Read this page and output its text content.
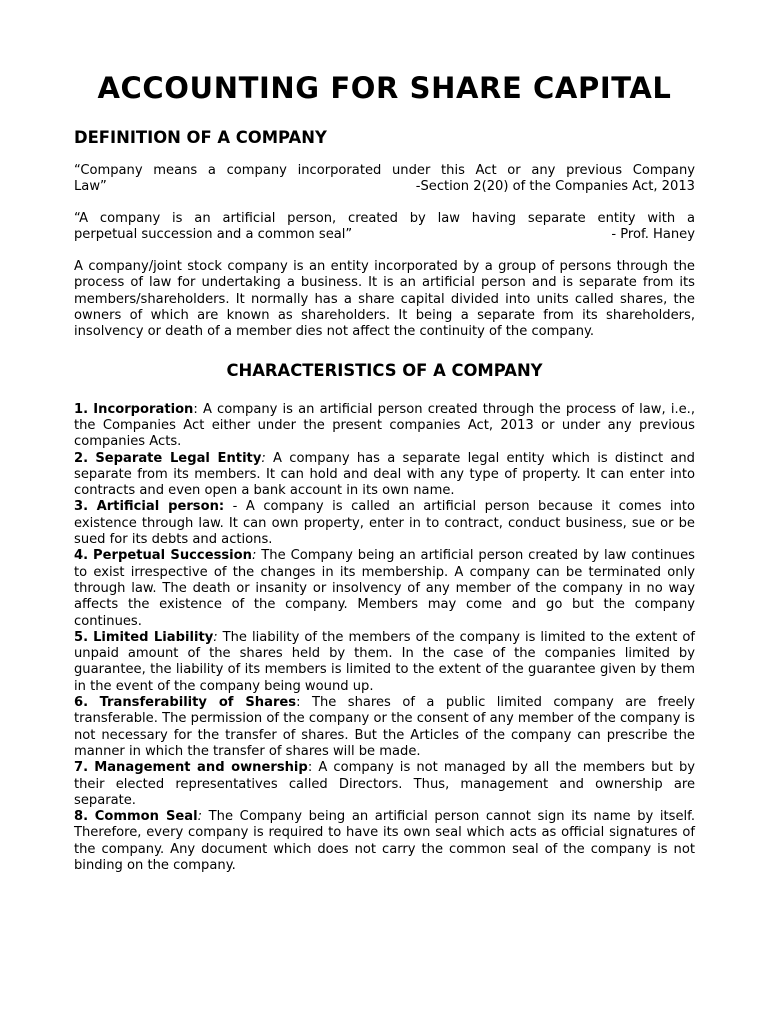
ACCOUNTING FOR SHARE CAPITAL
DEFINITION OF A COMPANY
“Company means a company incorporated under this Act or any previous Company
Law”	-Section 2(20) of the Companies Act, 2013
“A company is an artificial person, created by law having separate entity with a
perpetual succession and a common seal”	- Prof. Haney

A company/joint stock company is an entity incorporated by a group of persons through the process of law for undertaking a business. It is an artificial person and is separate from its members/shareholders. It normally has a share capital divided into units called shares, the owners of which are known as shareholders. It being a separate from its shareholders, insolvency or death of a member dies not affect the continuity of the company.

CHARACTERISTICS OF A COMPANY

1. Incorporation: A company is an artificial person created through the process of law, i.e., the Companies Act either under the present companies Act, 2013 or under any previous companies Acts.

2. Separate Legal Entity: A company has a separate legal entity which is distinct and separate from its members. It can hold and deal with any type of property. It can enter into contracts and even open a bank account in its own name.

3. Artificial person: - A company is called an artificial person because it comes into existence through law. It can own property, enter in to contract, conduct business, sue or be sued for its debts and actions.

4. Perpetual Succession: The Company being an artificial person created by law continues to exist irrespective of the changes in its membership. A company can be terminated only through law. The death or insanity or insolvency of any member of the company in no way affects the existence of the company. Members may come and go but the company continues.

5. Limited Liability: The liability of the members of the company is limited to the extent of unpaid amount of the shares held by them. In the case of the companies limited by guarantee, the liability of its members is limited to the extent of the guarantee given by them in the event of the company being wound up.

6. Transferability of Shares: The shares of a public limited company are freely transferable. The permission of the company or the consent of any member of the company is not necessary for the transfer of shares. But the Articles of the company can prescribe the manner in which the transfer of shares will be made.

7. Management and ownership: A company is not managed by all the members but by their elected representatives called Directors. Thus, management and ownership are separate.

8. Common Seal: The Company being an artificial person cannot sign its name by itself. Therefore, every company is required to have its own seal which acts as official signatures of the company. Any document which does not carry the common seal of the company is not binding on the company.
